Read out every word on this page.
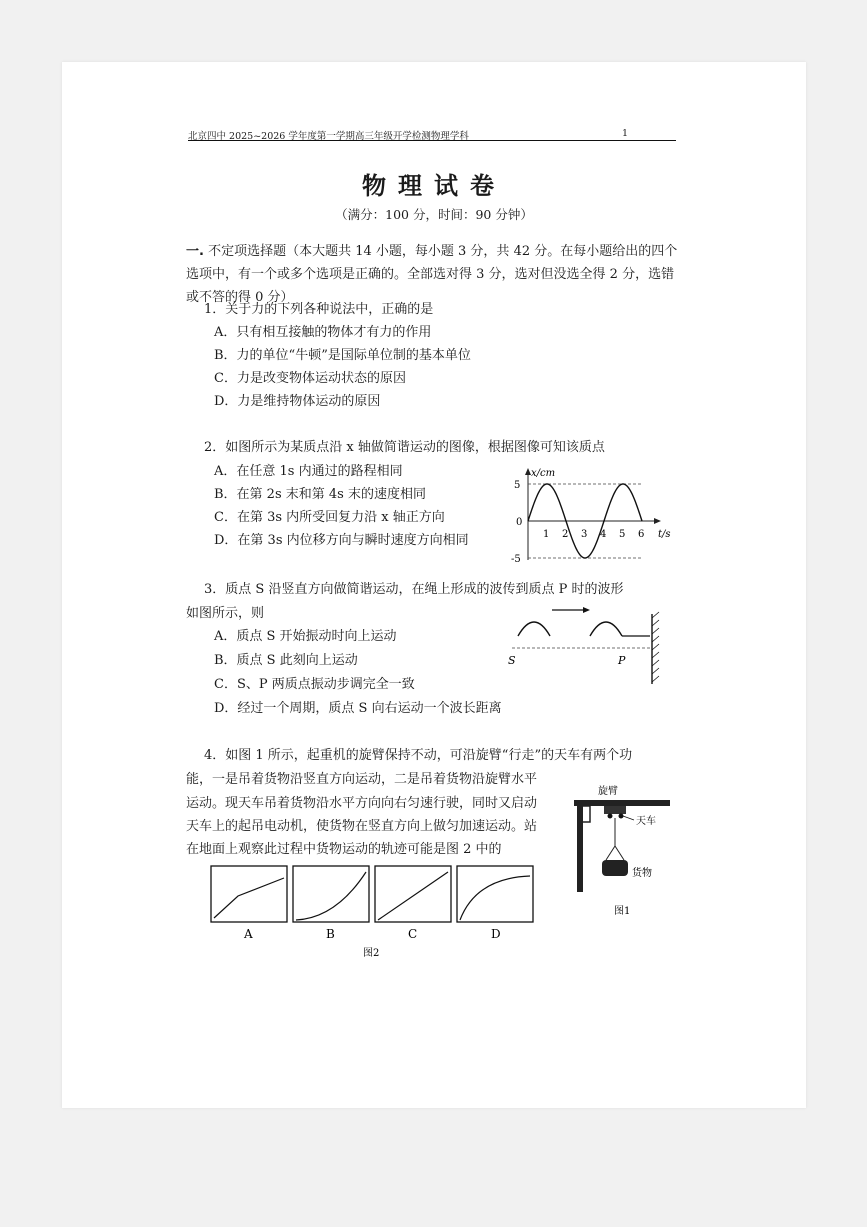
北京四中 2025~2026 学年度第一学期高三年级开学检测物理学科	1
物理试卷
（满分：100 分，时间：90 分钟）
一. 不定项选择题（本大题共 14 小题，每小题 3 分，共 42 分。在每小题给出的四个选项中，有一个或多个选项是正确的。全部选对得 3 分，选对但没选全得 2 分，选错或不答的得 0 分）
1．关于力的下列各种说法中，正确的是
A．只有相互接触的物体才有力的作用
B．力的单位“牛顿”是国际单位制的基本单位
C．力是改变物体运动状态的原因
D．力是维持物体运动的原因
2．如图所示为某质点沿 x 轴做简谐运动的图像，根据图像可知该质点
A．在任意 1s 内通过的路程相同
B．在第 2s 末和第 4s 末的速度相同
C．在第 3s 内所受回复力沿 x 轴正方向
D．在第 3s 内位移方向与瞬时速度方向相同
x/cm
t/s
5
0
-5
1 2 3 4 5 6
3．质点 S 沿竖直方向做简谐运动，在绳上形成的波传到质点 P 时的波形
如图所示，则
A．质点 S 开始振动时向上运动
B．质点 S 此刻向上运动
C．S、P 两质点振动步调完全一致
D．经过一个周期，质点 S 向右运动一个波长距离
S	P
4．如图 1 所示，起重机的旋臂保持不动，可沿旋臂“行走”的天车有两个功
能，一是吊着货物沿竖直方向运动，二是吊着货物沿旋臂水平
运动。现天车吊着货物沿水平方向向右匀速行驶，同时又启动
天车上的起吊电动机，使货物在竖直方向上做匀加速运动。站
在地面上观察此过程中货物运动的轨迹可能是图 2 中的
旋臂
天车
货物
图1
A	B	C	D
图2
